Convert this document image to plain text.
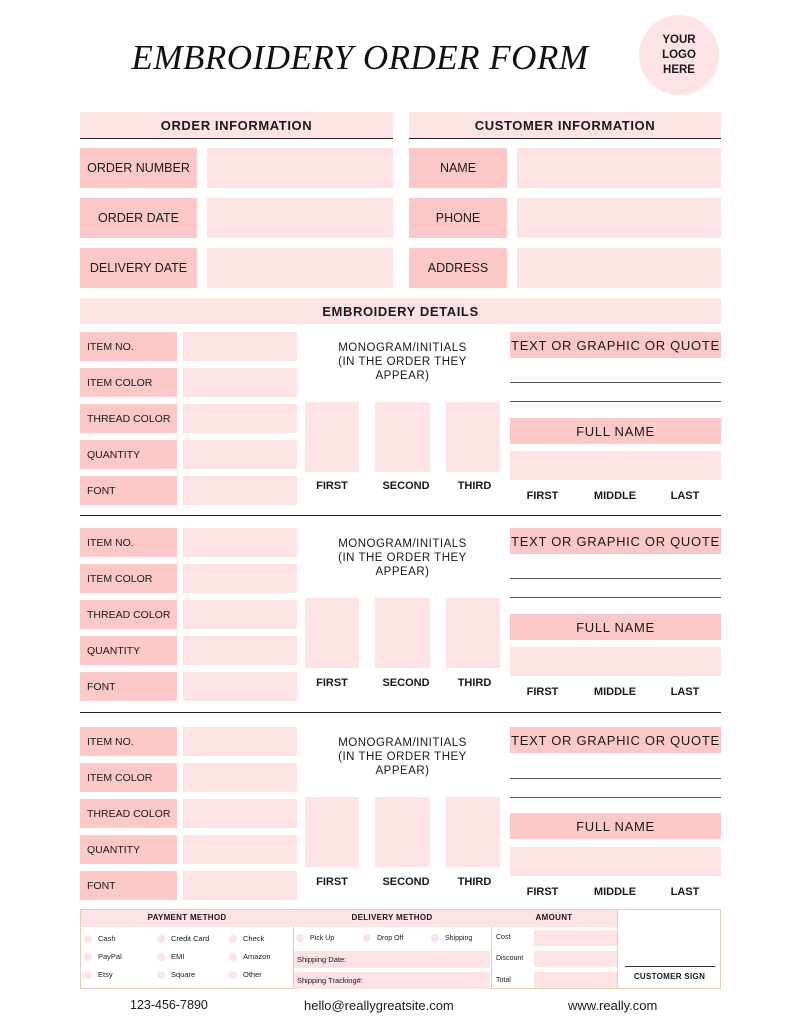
EMBROIDERY ORDER FORM	YOUR LOGO HERE
ORDER INFORMATION	CUSTOMER INFORMATION
ORDER NUMBER
ORDER DATE
DELIVERY DATE
NAME
PHONE
ADDRESS
EMBROIDERY DETAILS
ITEM NO.
ITEM COLOR
THREAD COLOR
QUANTITY
FONT
MONOGRAM/INITIALS
(IN THE ORDER THEY
APPEAR)
FIRST	SECOND	THIRD
TEXT OR GRAPHIC OR QUOTE
FULL NAME
FIRST	MIDDLE	LAST
ITEM NO.
ITEM COLOR
THREAD COLOR
QUANTITY
FONT
MONOGRAM/INITIALS
(IN THE ORDER THEY
APPEAR)
FIRST	SECOND	THIRD
TEXT OR GRAPHIC OR QUOTE
FULL NAME
FIRST	MIDDLE	LAST
ITEM NO.
ITEM COLOR
THREAD COLOR
QUANTITY
FONT
MONOGRAM/INITIALS
(IN THE ORDER THEY
APPEAR)
FIRST	SECOND	THIRD
TEXT OR GRAPHIC OR QUOTE
FULL NAME
FIRST	MIDDLE	LAST
PAYMENT METHOD	DELIVERY METHOD	AMOUNT
Cash	Credit Card	Check
PayPal	EMI	Amazon
Etsy	Square	Other
Pick Up	Drop Off	Shipping
Shipping Date:
Shipping Tracking#:
Cost
Discount
Total	CUSTOMER SIGN
123-456-7890	hello@reallygreatsite.com	www.really.com
